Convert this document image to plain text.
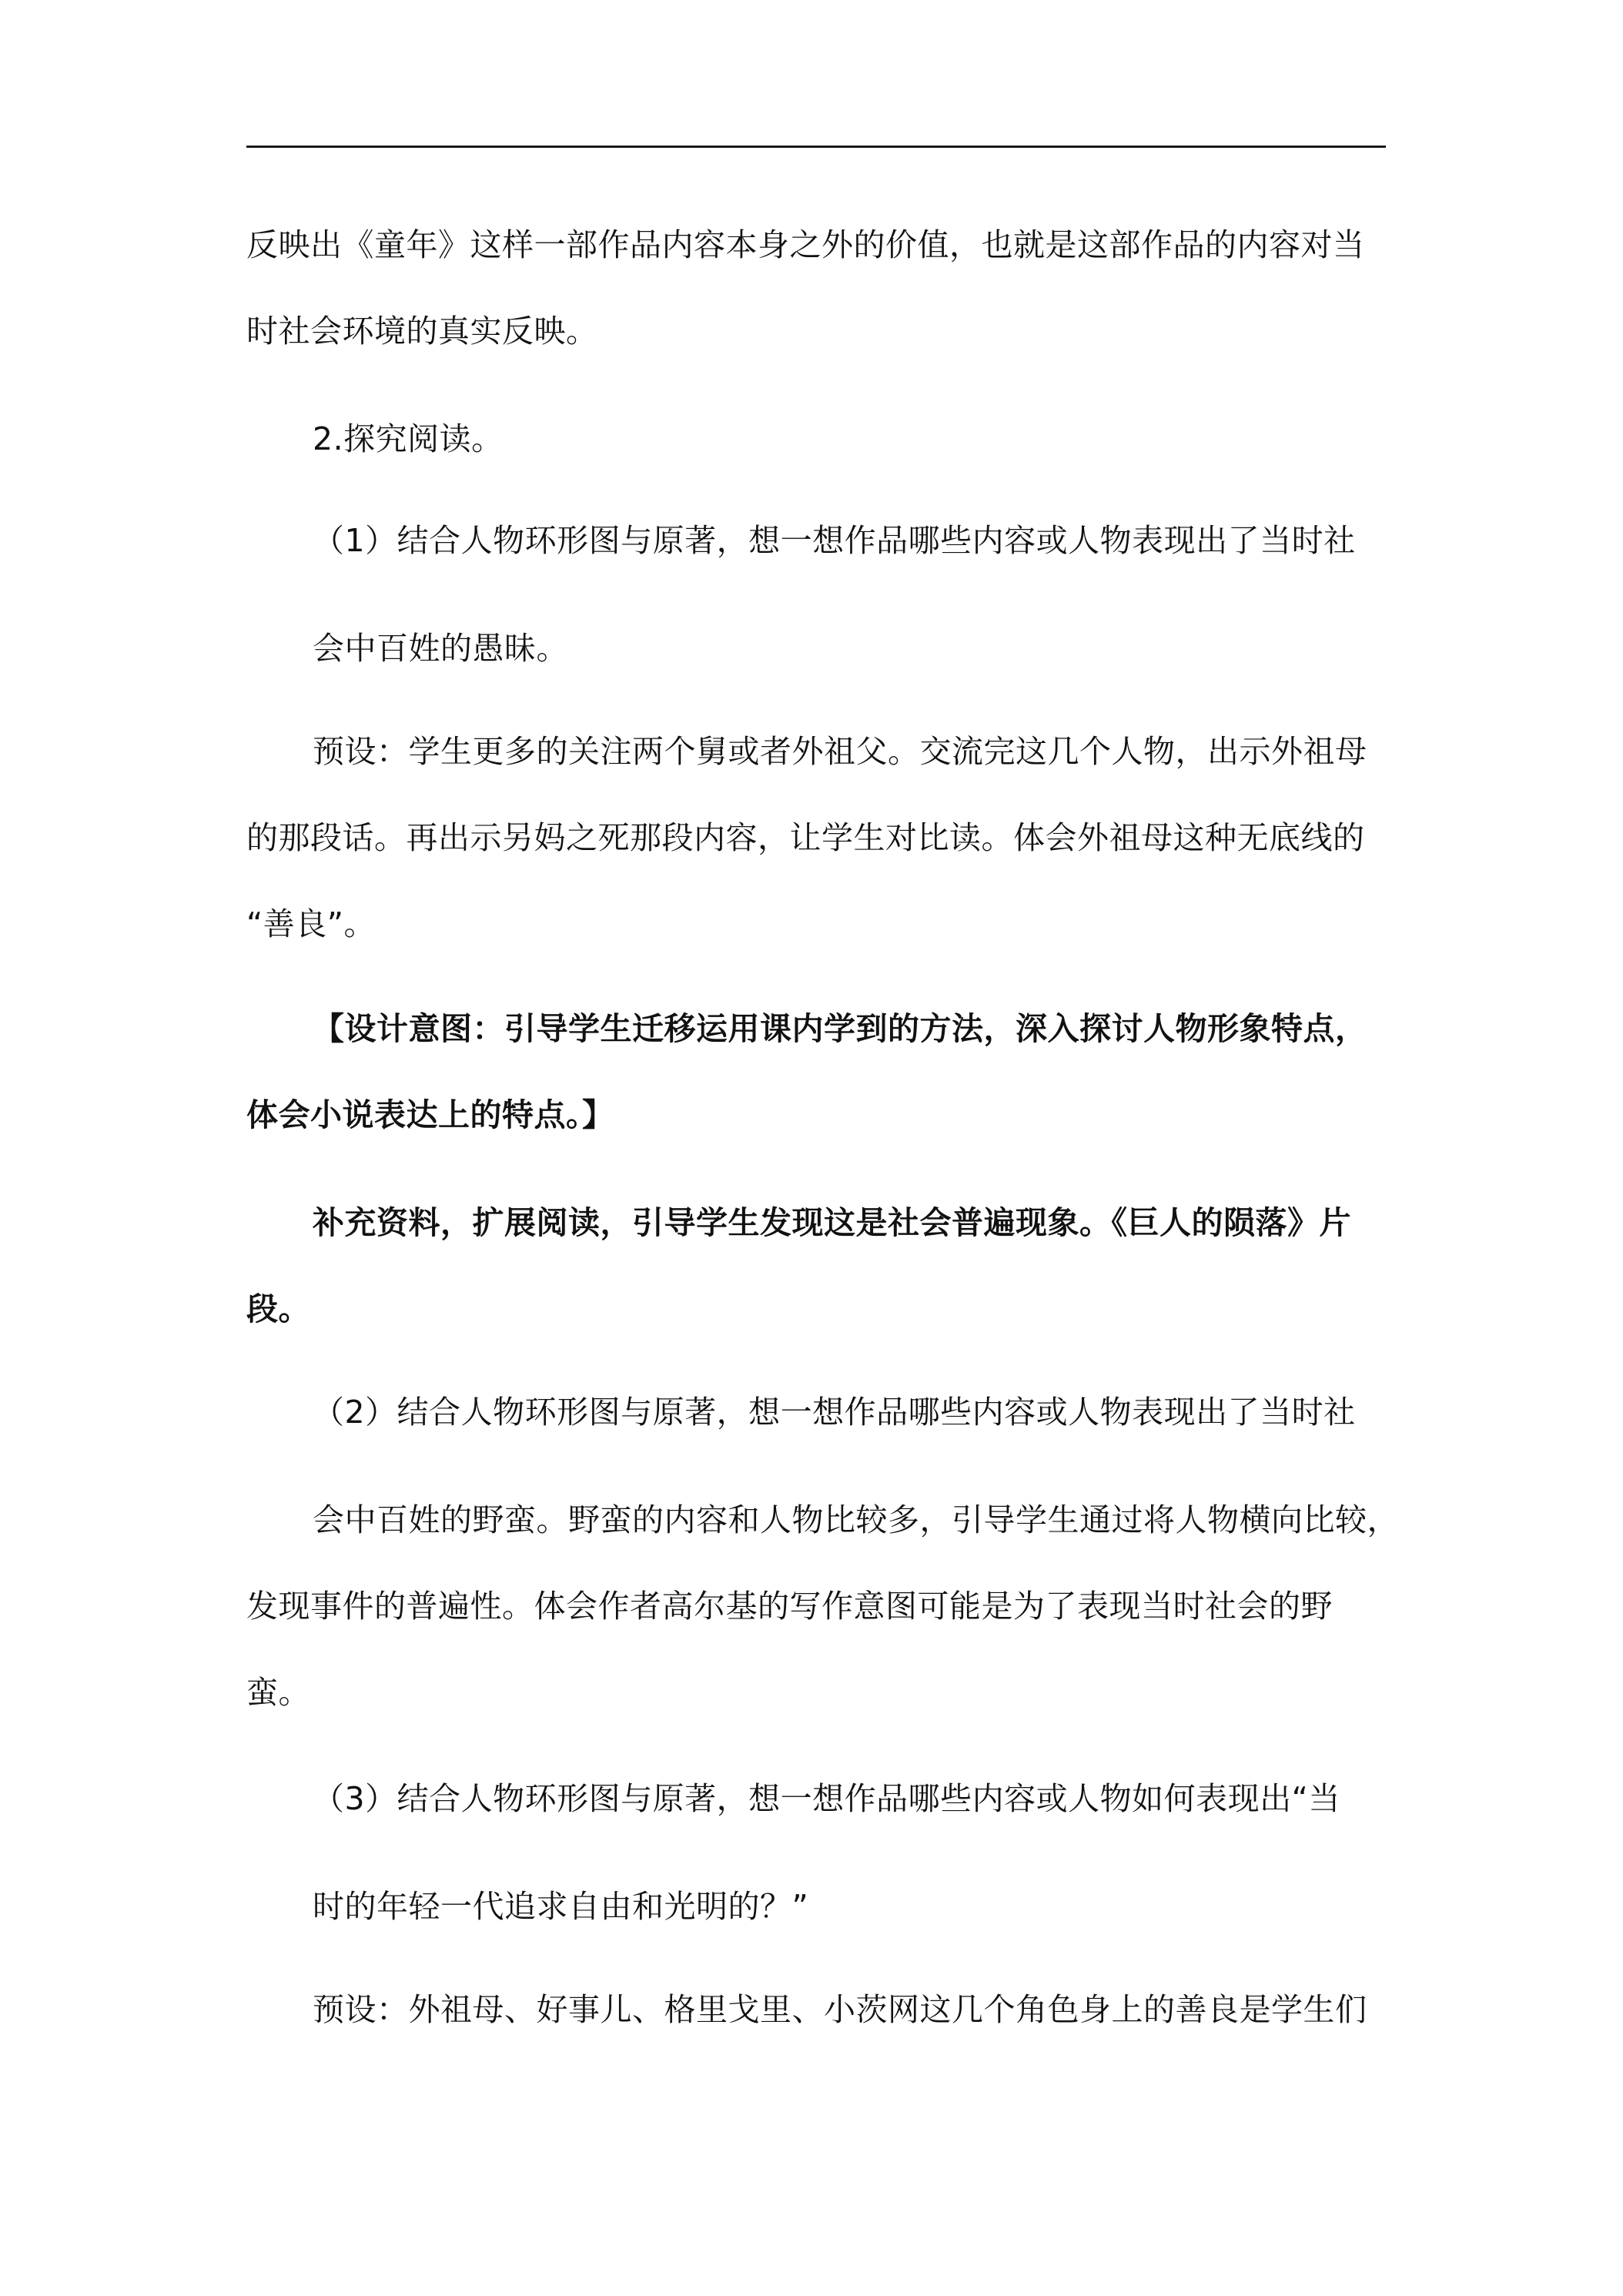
反映出《童年》这样一部作品内容本身之外的价值，也就是这部作品的内容对当
时社会环境的真实反映。
2.探究阅读。
（1）结合人物环形图与原著，想一想作品哪些内容或人物表现出了当时社
会中百姓的愚昧。
预设：学生更多的关注两个舅或者外祖父。交流完这几个人物，出示外祖母
的那段话。再出示另妈之死那段内容，让学生对比读。体会外祖母这种无底线的
“善良”。
【设计意图：引导学生迁移运用课内学到的方法，深入探讨人物形象特点，
体会小说表达上的特点。】
补充资料，扩展阅读，引导学生发现这是社会普遍现象。《巨人的陨落》片
段。
（2）结合人物环形图与原著，想一想作品哪些内容或人物表现出了当时社
会中百姓的野蛮。野蛮的内容和人物比较多，引导学生通过将人物横向比较，
发现事件的普遍性。体会作者高尔基的写作意图可能是为了表现当时社会的野
蛮。
（3）结合人物环形图与原著，想一想作品哪些内容或人物如何表现出“当
时的年轻一代追求自由和光明的？”
预设：外祖母、好事儿、格里戈里、小茨网这几个角色身上的善良是学生们
